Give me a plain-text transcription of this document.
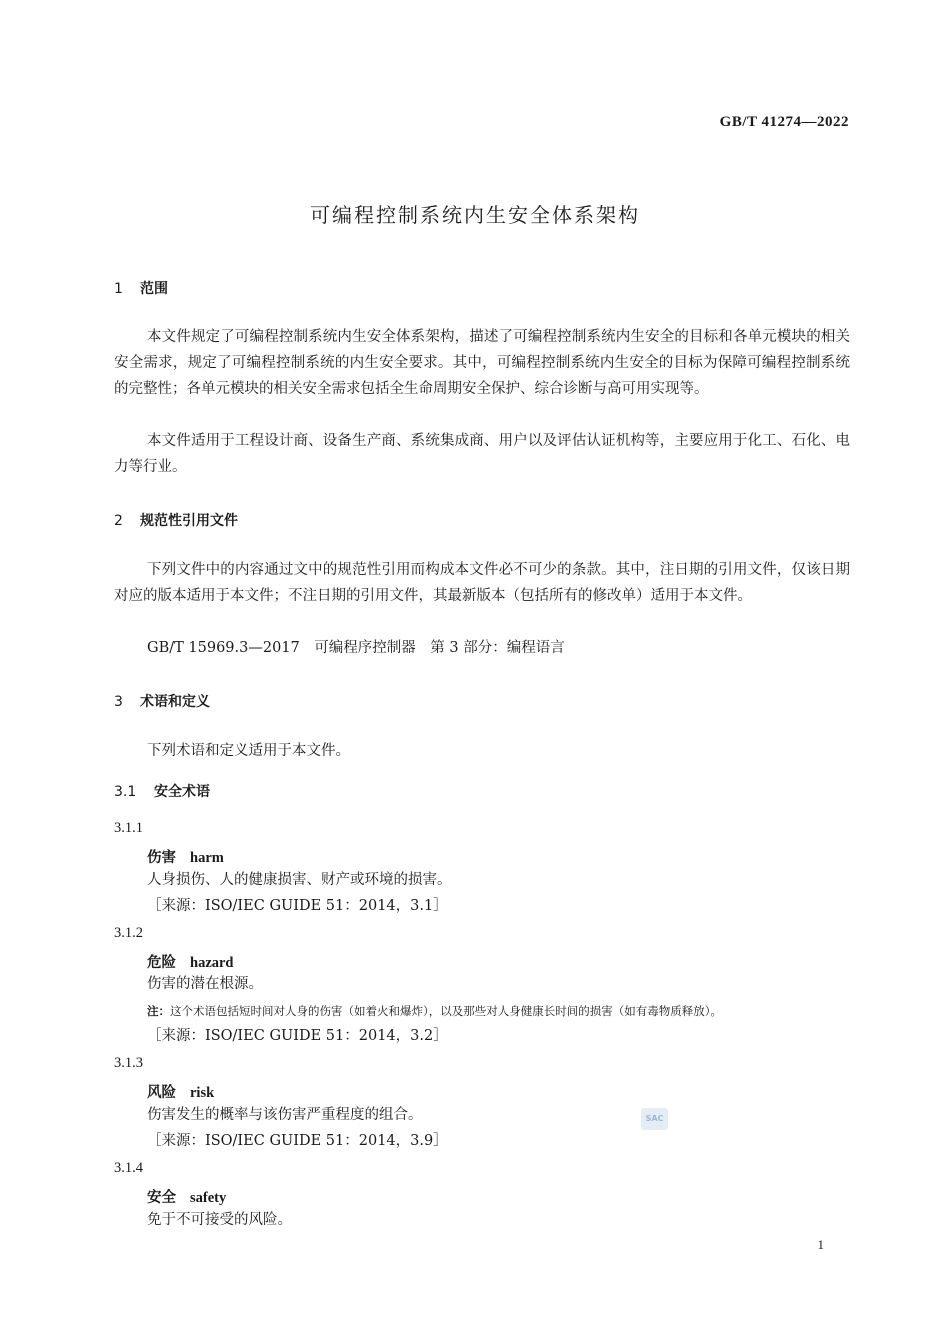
GB/T 41274—2022
可编程控制系统内生安全体系架构
1 范围
本文件规定了可编程控制系统内生安全体系架构，描述了可编程控制系统内生安全的目标和各单元模块的相关安全需求，规定了可编程控制系统的内生安全要求。其中，可编程控制系统内生安全的目标为保障可编程控制系统的完整性；各单元模块的相关安全需求包括全生命周期安全保护、综合诊断与高可用实现等。
本文件适用于工程设计商、设备生产商、系统集成商、用户以及评估认证机构等，主要应用于化工、石化、电力等行业。
2 规范性引用文件
下列文件中的内容通过文中的规范性引用而构成本文件必不可少的条款。其中，注日期的引用文件，仅该日期对应的版本适用于本文件；不注日期的引用文件，其最新版本（包括所有的修改单）适用于本文件。
GB/T 15969.3—2017　可编程序控制器　第 3 部分：编程语言
3 术语和定义
下列术语和定义适用于本文件。
3.1 安全术语
3.1.1
伤害 harm
人身损伤、人的健康损害、财产或环境的损害。
［来源：ISO/IEC GUIDE 51：2014，3.1］
3.1.2
危险 hazard
伤害的潜在根源。
注：这个术语包括短时间对人身的伤害（如着火和爆炸），以及那些对人身健康长时间的损害（如有毒物质释放）。
［来源：ISO/IEC GUIDE 51：2014，3.2］
3.1.3
风险 risk
伤害发生的概率与该伤害严重程度的组合。
［来源：ISO/IEC GUIDE 51：2014，3.9］
3.1.4
安全 safety
免于不可接受的风险。
SAC
1
